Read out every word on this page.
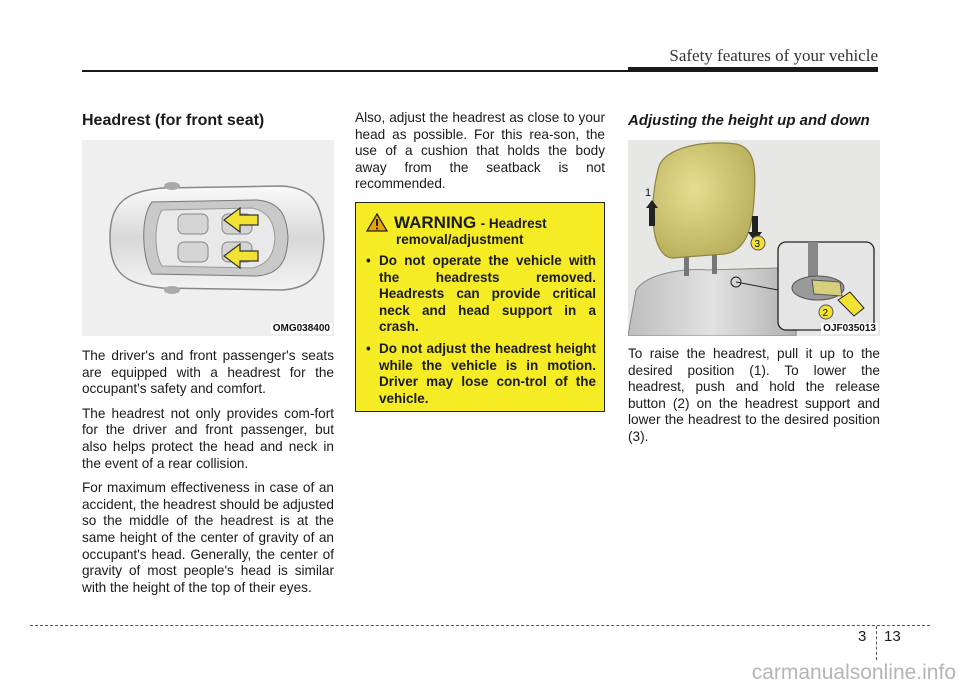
Safety features of your vehicle
Headrest (for front seat)
OMG038400

The driver's and front passenger's seats are equipped with a headrest for the occupant's safety and comfort.

The headrest not only provides com-fort for the driver and front passenger, but also helps protect the head and neck in the event of a rear collision.

For maximum effectiveness in case of an accident, the headrest should be adjusted so the middle of the headrest is at the same height of the center of gravity of an occupant's head. Generally, the center of gravity of most people's head is similar with the height of the top of their eyes.

Also, adjust the headrest as close to your head as possible. For this rea-son, the use of a cushion that holds the body away from the seatback is not recommended.

WARNING - Headrest
removal/adjustment
• Do not operate the vehicle with the headrests removed. Headrests can provide critical neck and head support in a crash.
• Do not adjust the headrest height while the vehicle is in motion. Driver may lose con-trol of the vehicle.
Adjusting the height up and down
1
3
2
OJF035013

To raise the headrest, pull it up to the desired position (1). To lower the headrest, push and hold the release button (2) on the headrest support and lower the headrest to the desired position (3).

3 13
carmanualsonline.info
